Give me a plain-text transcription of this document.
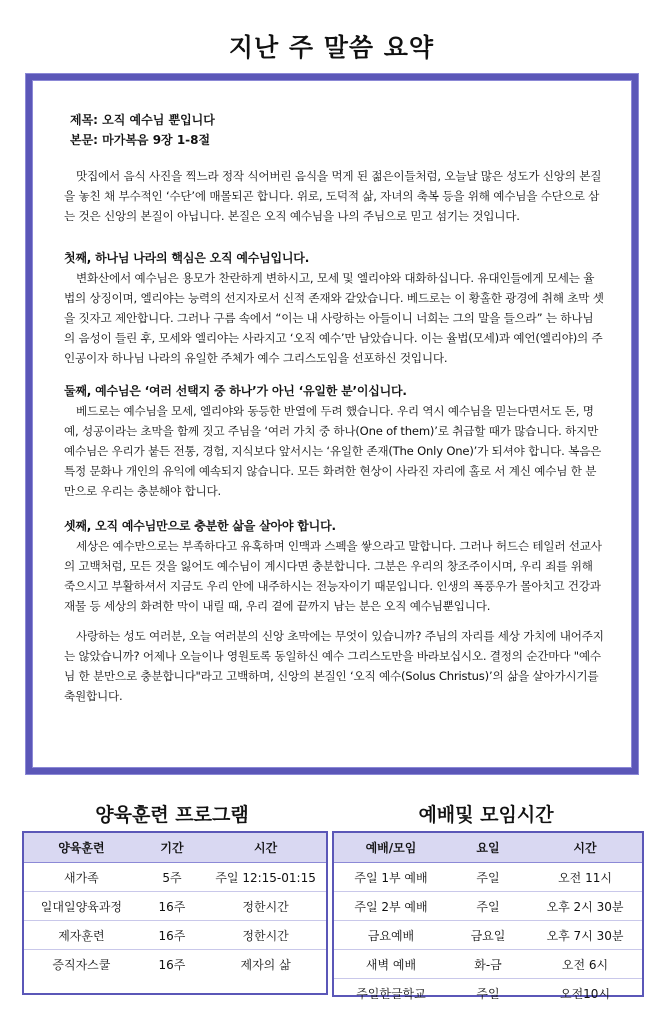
지난 주 말씀 요약
제목: 오직 예수님 뿐입니다
본문: 마가복음 9장 1-8절

맛집에서 음식 사진을 찍느라 정작 식어버린 음식을 먹게 된 젊은이들처럼, 오늘날 많은 성도가 신앙의 본질을 놓친 채 부수적인 ‘수단’에 매몰되곤 합니다. 위로, 도덕적 삶, 자녀의 축복 등을 위해 예수님을 수단으로 삼는 것은 신앙의 본질이 아닙니다. 본질은 오직 예수님을 나의 주님으로 믿고 섬기는 것입니다.

첫째, 하나님 나라의 핵심은 오직 예수님입니다.

변화산에서 예수님은 용모가 찬란하게 변하시고, 모세 및 엘리야와 대화하십니다. 유대인들에게 모세는 율법의 상징이며, 엘리야는 능력의 선지자로서 신적 존재와 같았습니다. 베드로는 이 황홀한 광경에 취해 초막 셋을 짓자고 제안합니다. 그러나 구름 속에서 “이는 내 사랑하는 아들이니 너희는 그의 말을 들으라” 는 하나님의 음성이 들린 후, 모세와 엘리야는 사라지고 ‘오직 예수’만 남았습니다. 이는 율법(모세)과 예언(엘리야)의 주인공이자 하나님 나라의 유일한 주체가 예수 그리스도임을 선포하신 것입니다.

둘째, 예수님은 ‘여러 선택지 중 하나’가 아닌 ‘유일한 분’이십니다.

베드로는 예수님을 모세, 엘리야와 동등한 반열에 두려 했습니다. 우리 역시 예수님을 믿는다면서도 돈, 명예, 성공이라는 초막을 함께 짓고 주님을 ‘여러 가치 중 하나(One of them)’로 취급할 때가 많습니다. 하지만 예수님은 우리가 붙든 전통, 경험, 지식보다 앞서시는 ‘유일한 존재(The Only One)’가 되셔야 합니다. 복음은 특정 문화나 개인의 유익에 예속되지 않습니다. 모든 화려한 현상이 사라진 자리에 홀로 서 계신 예수님 한 분만으로 우리는 충분해야 합니다.

셋째, 오직 예수님만으로 충분한 삶을 살아야 합니다.

세상은 예수만으로는 부족하다고 유혹하며 인맥과 스펙을 쌓으라고 말합니다. 그러나 허드슨 테일러 선교사의 고백처럼, 모든 것을 잃어도 예수님이 계시다면 충분합니다. 그분은 우리의 창조주이시며, 우리 죄를 위해 죽으시고 부활하셔서 지금도 우리 안에 내주하시는 전능자이기 때문입니다. 인생의 폭풍우가 몰아치고 건강과 재물 등 세상의 화려한 막이 내릴 때, 우리 곁에 끝까지 남는 분은 오직 예수님뿐입니다.

사랑하는 성도 여러분, 오늘 여러분의 신앙 초막에는 무엇이 있습니까? 주님의 자리를 세상 가치에 내어주지는 않았습니까? 어제나 오늘이나 영원토록 동일하신 예수 그리스도만을 바라보십시오. 결정의 순간마다 "예수님 한 분만으로 충분합니다"라고 고백하며, 신앙의 본질인 ‘오직 예수(Solus Christus)’의 삶을 살아가시기를 축원합니다.

양육훈련 프로그램	예배및 모임시간
양육훈련	기간	시간
새가족	5주	주일 12:15-01:15
일대일양육과정	16주	정한시간
제자훈련	16주	정한시간
증직자스쿨	16주	제자의 삶
예배/모임	요일	시간
주일 1부 예배	주일	오전 11시
주일 2부 예배	주일	오후 2시 30분
금요예배	금요일	오후 7시 30분
새벽 예배	화-금	오전 6시
주일한글학교	주일	오전10시
